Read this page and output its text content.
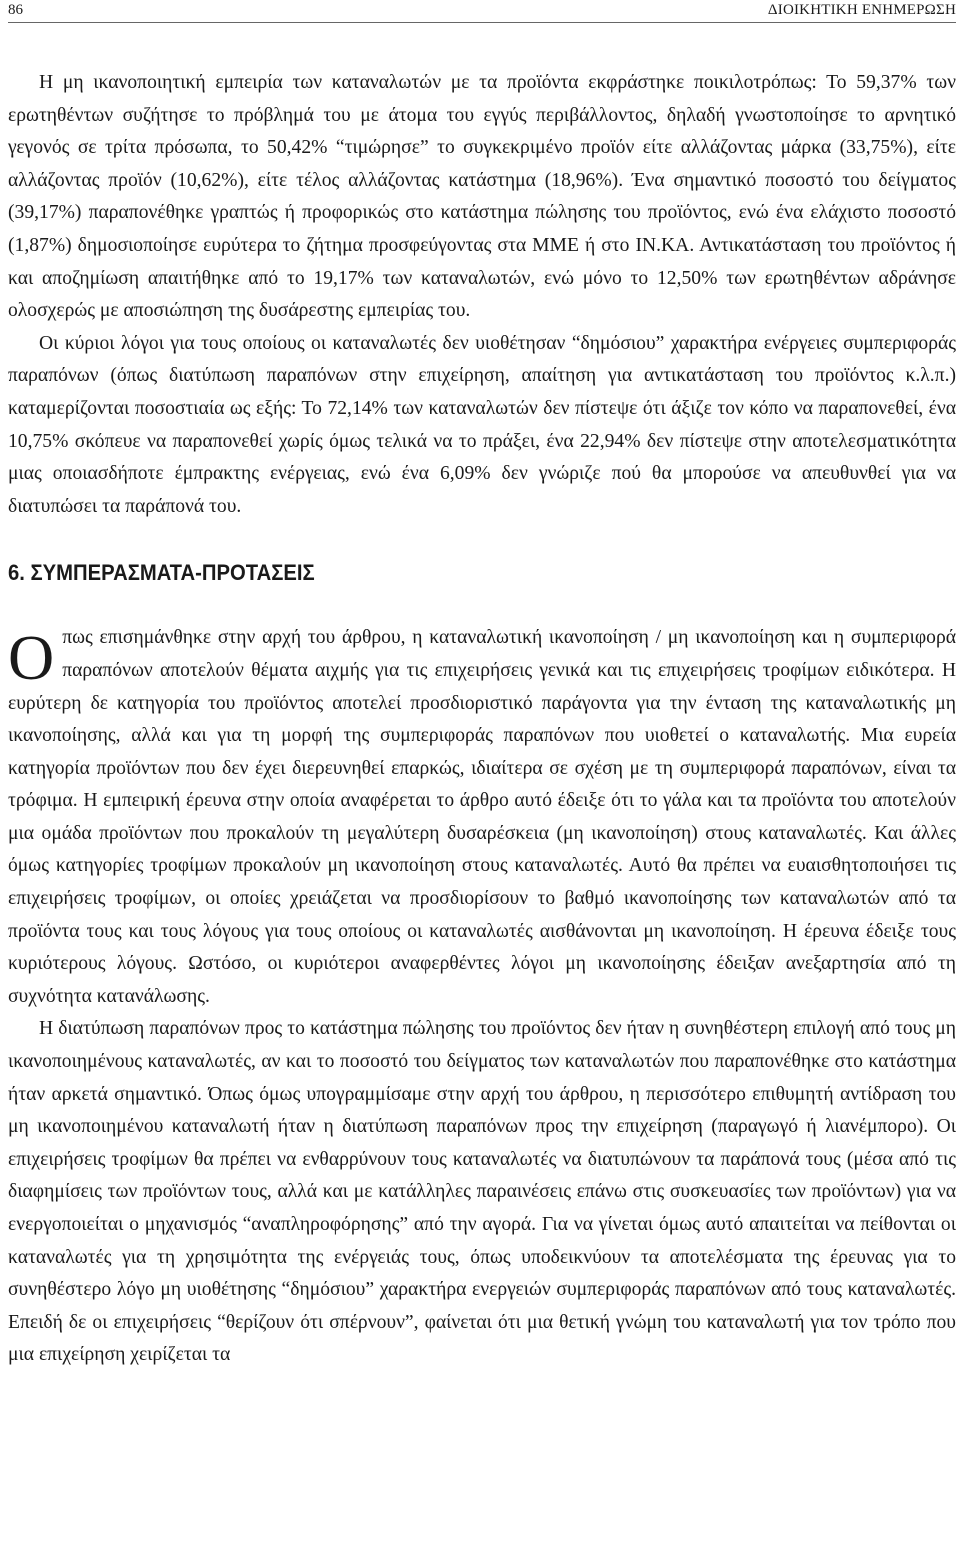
86	ΔΙΟΙΚΗΤΙΚΗ ΕΝΗΜΕΡΩΣΗ

Η μη ικανοποιητική εμπειρία των καταναλωτών με τα προϊόντα εκφράστηκε ποικιλοτρόπως: Το 59,37% των ερωτηθέντων συζήτησε το πρόβλημά του με άτομα του εγγύς περιβάλλοντος, δηλαδή γνωστοποίησε το αρνητικό γεγονός σε τρίτα πρόσωπα, το 50,42% “τιμώρησε” το συγκεκριμένο προϊόν είτε αλλάζοντας μάρκα (33,75%), είτε αλλάζοντας προϊόν (10,62%), είτε τέλος αλλάζοντας κατάστημα (18,96%). Ένα σημαντικό ποσοστό του δείγματος (39,17%) παραπονέθηκε γραπτώς ή προφορικώς στο κατάστημα πώλησης του προϊόντος, ενώ ένα ελάχιστο ποσοστό (1,87%) δημοσιοποίησε ευρύτερα το ζήτημα προσφεύγοντας στα ΜΜΕ ή στο ΙΝ.ΚΑ. Αντικατάσταση του προϊόντος ή και αποζημίωση απαιτήθηκε από το 19,17% των καταναλωτών, ενώ μόνο το 12,50% των ερωτηθέντων αδράνησε ολοσχερώς με αποσιώπηση της δυσάρεστης εμπειρίας του.

Οι κύριοι λόγοι για τους οποίους οι καταναλωτές δεν υιοθέτησαν “δημόσιου” χαρακτήρα ενέργειες συμπεριφοράς παραπόνων (όπως διατύπωση παραπόνων στην επιχείρηση, απαίτηση για αντικατάσταση του προϊόντος κ.λ.π.) καταμερίζονται ποσοστιαία ως εξής: Το 72,14% των καταναλωτών δεν πίστεψε ότι άξιζε τον κόπο να παραπονεθεί, ένα 10,75% σκόπευε να παραπονεθεί χωρίς όμως τελικά να το πράξει, ένα 22,94% δεν πίστεψε στην αποτελεσματικότητα μιας οποιασδήποτε έμπρακτης ενέργειας, ενώ ένα 6,09% δεν γνώριζε πού θα μπορούσε να απευθυνθεί για να διατυπώσει τα παράπονά του.

6. ΣΥΜΠΕΡΑΣΜΑΤΑ-ΠΡΟΤΑΣΕΙΣ

Οπως επισημάνθηκε στην αρχή του άρθρου, η καταναλωτική ικανοποίηση / μη ικανοποίηση και η συμπεριφορά παραπόνων αποτελούν θέματα αιχμής για τις επιχειρήσεις γενικά και τις επιχειρήσεις τροφίμων ειδικότερα. Η ευρύτερη δε κατηγορία του προϊόντος αποτελεί προσδιοριστικό παράγοντα για την ένταση της καταναλωτικής μη ικανοποίησης, αλλά και για τη μορφή της συμπεριφοράς παραπόνων που υιοθετεί ο καταναλωτής. Μια ευρεία κατηγορία προϊόντων που δεν έχει διερευνηθεί επαρκώς, ιδιαίτερα σε σχέση με τη συμπεριφορά παραπόνων, είναι τα τρόφιμα. Η εμπειρική έρευνα στην οποία αναφέρεται το άρθρο αυτό έδειξε ότι το γάλα και τα προϊόντα του αποτελούν μια ομάδα προϊόντων που προκαλούν τη μεγαλύτερη δυσαρέσκεια (μη ικανοποίηση) στους καταναλωτές. Και άλλες όμως κατηγορίες τροφίμων προκαλούν μη ικανοποίηση στους καταναλωτές. Αυτό θα πρέπει να ευαισθητοποιήσει τις επιχειρήσεις τροφίμων, οι οποίες χρειάζεται να προσδιορίσουν το βαθμό ικανοποίησης των καταναλωτών από τα προϊόντα τους και τους λόγους για τους οποίους οι καταναλωτές αισθάνονται μη ικανοποίηση. Η έρευνα έδειξε τους κυριότερους λόγους. Ωστόσο, οι κυριότεροι αναφερθέντες λόγοι μη ικανοποίησης έδειξαν ανεξαρτησία από τη συχνότητα κατανάλωσης.

Η διατύπωση παραπόνων προς το κατάστημα πώλησης του προϊόντος δεν ήταν η συνηθέστερη επιλογή από τους μη ικανοποιημένους καταναλωτές, αν και το ποσοστό του δείγματος των καταναλωτών που παραπονέθηκε στο κατάστημα ήταν αρκετά σημαντικό. Όπως όμως υπογραμμίσαμε στην αρχή του άρθρου, η περισσότερο επιθυμητή αντίδραση του μη ικανοποιημένου καταναλωτή ήταν η διατύπωση παραπόνων προς την επιχείρηση (παραγωγό ή λιανέμπορο). Οι επιχειρήσεις τροφίμων θα πρέπει να ενθαρρύνουν τους καταναλωτές να διατυπώνουν τα παράπονά τους (μέσα από τις διαφημίσεις των προϊόντων τους, αλλά και με κατάλληλες παραινέσεις επάνω στις συσκευασίες των προϊόντων) για να ενεργοποιείται ο μηχανισμός “αναπληροφόρησης” από την αγορά. Για να γίνεται όμως αυτό απαιτείται να πείθονται οι καταναλωτές για τη χρησιμότητα της ενέργειάς τους, όπως υποδεικνύουν τα αποτελέσματα της έρευνας για το συνηθέστερο λόγο μη υιοθέτησης “δημόσιου” χαρακτήρα ενεργειών συμπεριφοράς παραπόνων από τους καταναλωτές. Επειδή δε οι επιχειρήσεις “θερίζουν ότι σπέρνουν”, φαίνεται ότι μια θετική γνώμη του καταναλωτή για τον τρόπο που μια επιχείρηση χειρίζεται τα
